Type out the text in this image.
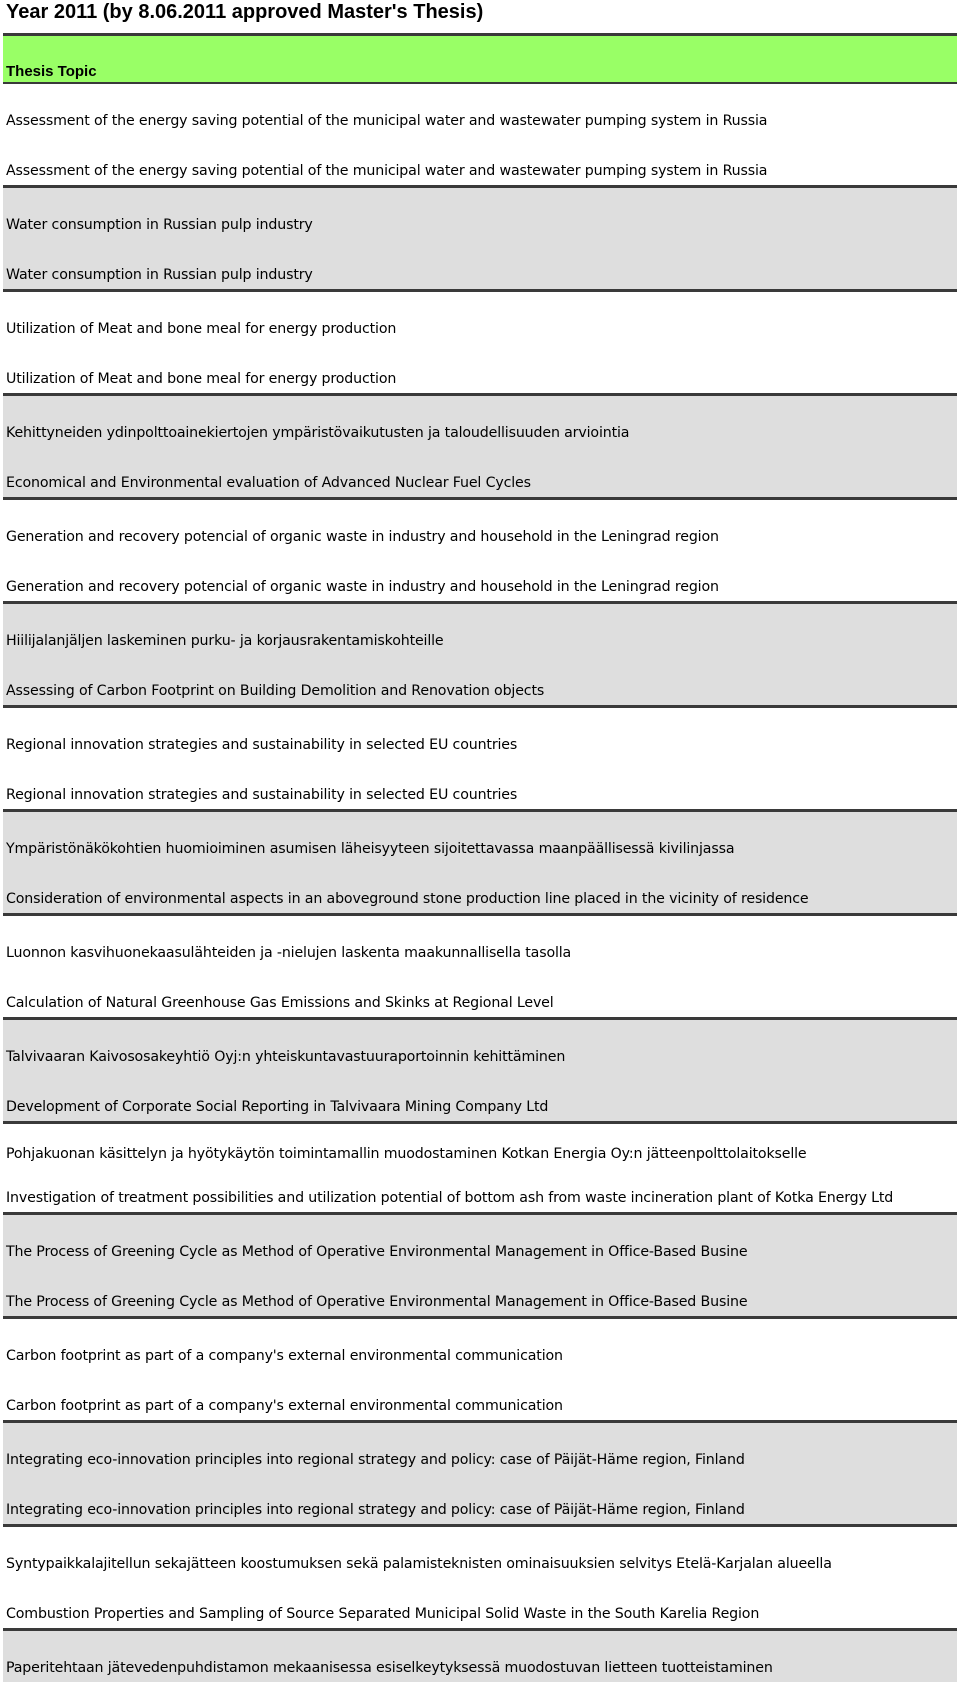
Year 2011 (by 8.06.2011 approved Master's Thesis)
Thesis Topic
Assessment of the energy saving potential of the municipal water and wastewater pumping system in Russia
Assessment of the energy saving potential of the municipal water and wastewater pumping system in Russia
Water consumption in Russian pulp industry
Water consumption in Russian pulp industry
Utilization of Meat and bone meal for energy production
Utilization of Meat and bone meal for energy production
Kehittyneiden ydinpolttoainekiertojen ympäristövaikutusten ja taloudellisuuden arviointia
Economical and Environmental evaluation of Advanced Nuclear Fuel Cycles
Generation and recovery potencial of organic waste in industry and household in the Leningrad region
Generation and recovery potencial of organic waste in industry and household in the Leningrad region
Hiilijalanjäljen laskeminen purku- ja korjausrakentamiskohteille
Assessing of Carbon Footprint on Building Demolition and Renovation objects
Regional innovation strategies and sustainability in selected EU countries
Regional innovation strategies and sustainability in selected EU countries
Ympäristönäkökohtien huomioiminen asumisen läheisyyteen sijoitettavassa maanpäällisessä kivilinjassa
Consideration of environmental aspects in an aboveground stone production line placed in the vicinity of residence
Luonnon kasvihuonekaasulähteiden ja -nielujen laskenta maakunnallisella tasolla
Calculation of Natural Greenhouse Gas Emissions and Skinks at Regional Level
Talvivaaran Kaivososakeyhtiö Oyj:n yhteiskuntavastuuraportoinnin kehittäminen
Development of Corporate Social Reporting in Talvivaara Mining Company Ltd
Pohjakuonan käsittelyn ja hyötykäytön toimintamallin muodostaminen Kotkan Energia Oy:n jätteenpolttolaitokselle
Investigation of treatment possibilities and utilization potential of bottom ash from waste incineration plant of Kotka Energy Ltd
The Process of Greening Cycle as Method of Operative Environmental Management in Office-Based Busine
The Process of Greening Cycle as Method of Operative Environmental Management in Office-Based Busine
Carbon footprint as part of a company's external environmental communication
Carbon footprint as part of a company's external environmental communication
Integrating eco-innovation principles into regional strategy and policy: case of Päijät-Häme region, Finland
Integrating eco-innovation principles into regional strategy and policy: case of Päijät-Häme region, Finland
Syntypaikkalajitellun sekajätteen koostumuksen sekä palamisteknisten ominaisuuksien selvitys Etelä-Karjalan alueella
Combustion Properties and Sampling of Source Separated Municipal Solid Waste in the South Karelia Region
Paperitehtaan jätevedenpuhdistamon mekaanisessa esiselkeytyksessä muodostuvan lietteen tuotteistaminen
